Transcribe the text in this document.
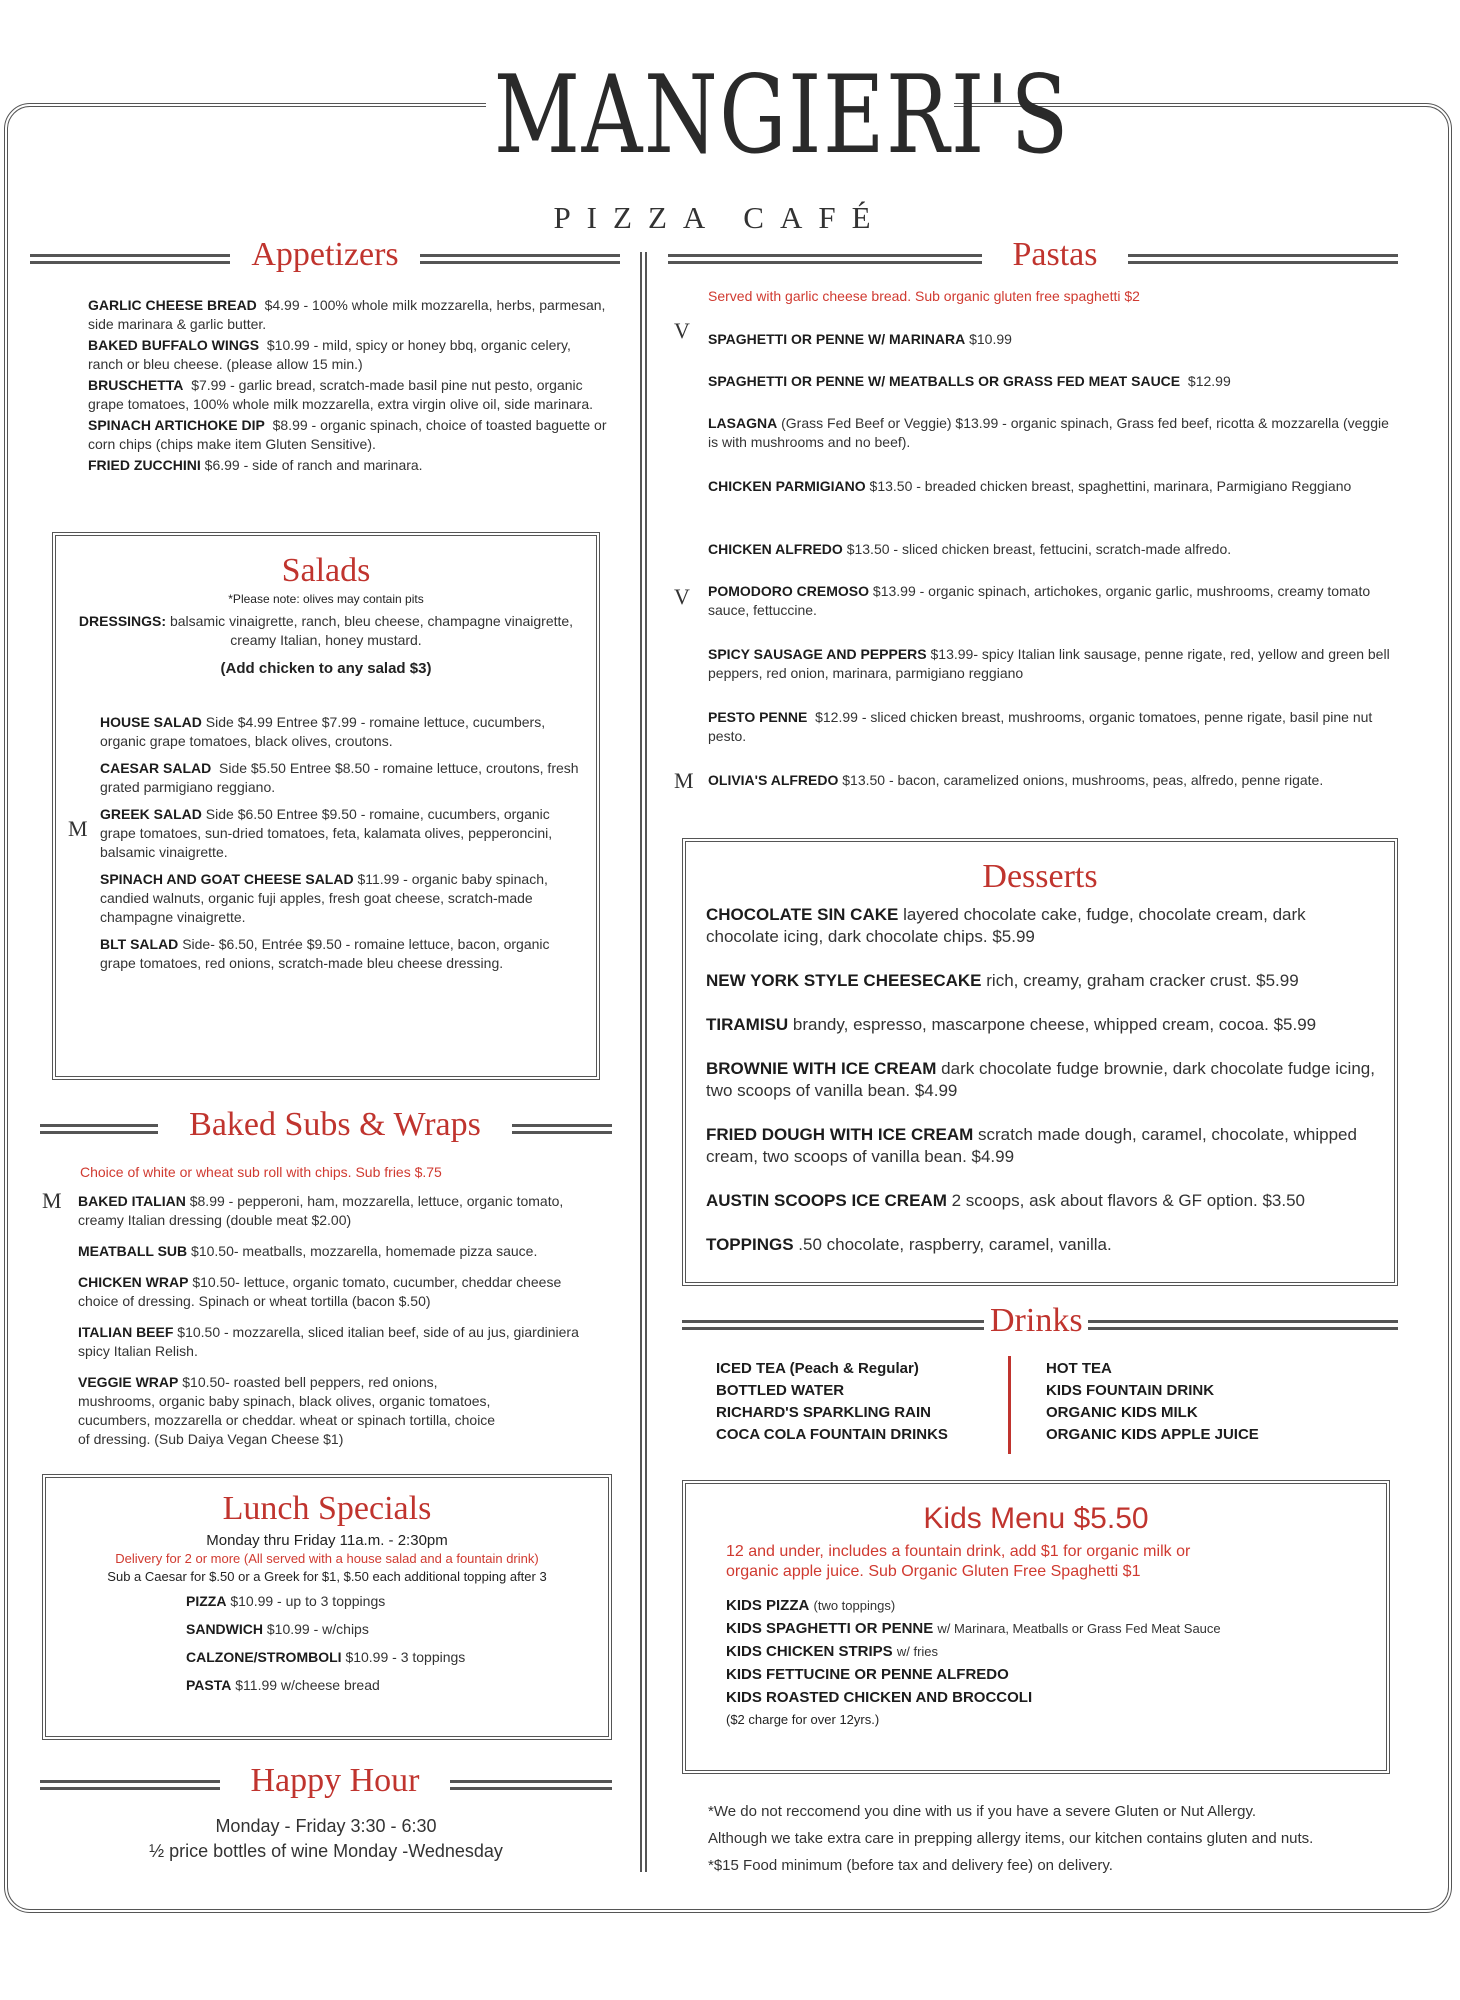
MANGIERI'S
PIZZA CAFÉ
Appetizers
GARLIC CHEESE BREAD $4.99 - 100% whole milk mozzarella, herbs, parmesan, side marinara & garlic butter.
BAKED BUFFALO WINGS $10.99 - mild, spicy or honey bbq, organic celery, ranch or bleu cheese. (please allow 15 min.)
BRUSCHETTA $7.99 - garlic bread, scratch-made basil pine nut pesto, organic grape tomatoes, 100% whole milk mozzarella, extra virgin olive oil, side marinara.
SPINACH ARTICHOKE DIP $8.99 - organic spinach, choice of toasted baguette or corn chips (chips make item Gluten Sensitive).
FRIED ZUCCHINI $6.99 - side of ranch and marinara.
Salads
*Please note: olives may contain pits
DRESSINGS: balsamic vinaigrette, ranch, bleu cheese, champagne vinaigrette, creamy Italian, honey mustard.
(Add chicken to any salad $3)
HOUSE SALAD Side $4.99 Entree $7.99 - romaine lettuce, cucumbers, organic grape tomatoes, black olives, croutons.
CAESAR SALAD Side $5.50 Entree $8.50 - romaine lettuce, croutons, fresh grated parmigiano reggiano.
GREEK SALAD Side $6.50 Entree $9.50 - romaine, cucumbers, organic grape tomatoes, sun-dried tomatoes, feta, kalamata olives, pepperoncini, balsamic vinaigrette.
SPINACH AND GOAT CHEESE SALAD $11.99 - organic baby spinach, candied walnuts, organic fuji apples, fresh goat cheese, scratch-made champagne vinaigrette.
BLT SALAD Side- $6.50, Entrée $9.50 - romaine lettuce, bacon, organic grape tomatoes, red onions, scratch-made bleu cheese dressing.
M
Baked Subs & Wraps
Choice of white or wheat sub roll with chips. Sub fries $.75
M BAKED ITALIAN $8.99 - pepperoni, ham, mozzarella, lettuce, organic tomato, creamy Italian dressing (double meat $2.00)
MEATBALL SUB $10.50- meatballs, mozzarella, homemade pizza sauce.
CHICKEN WRAP $10.50- lettuce, organic tomato, cucumber, cheddar cheese choice of dressing. Spinach or wheat tortilla (bacon $.50)
ITALIAN BEEF $10.50 - mozzarella, sliced italian beef, side of au jus, giardiniera spicy Italian Relish.
VEGGIE WRAP $10.50- roasted bell peppers, red onions, mushrooms, organic baby spinach, black olives, organic tomatoes, cucumbers, mozzarella or cheddar. wheat or spinach tortilla, choice of dressing. (Sub Daiya Vegan Cheese $1)
Lunch Specials
Monday thru Friday 11a.m. - 2:30pm
Delivery for 2 or more (All served with a house salad and a fountain drink)
Sub a Caesar for $.50 or a Greek for $1, $.50 each additional topping after 3
PIZZA $10.99 - up to 3 toppings
SANDWICH $10.99 - w/chips
CALZONE/STROMBOLI $10.99 - 3 toppings
PASTA $11.99 w/cheese bread
Happy Hour
Monday - Friday 3:30 - 6:30
½ price bottles of wine Monday -Wednesday
Pastas
Served with garlic cheese bread. Sub organic gluten free spaghetti $2
V
V
M
SPAGHETTI OR PENNE W/ MARINARA $10.99
SPAGHETTI OR PENNE W/ MEATBALLS OR GRASS FED MEAT SAUCE $12.99
LASAGNA (Grass Fed Beef or Veggie) $13.99 - organic spinach, Grass fed beef, ricotta & mozzarella (veggie is with mushrooms and no beef).
CHICKEN PARMIGIANO $13.50 - breaded chicken breast, spaghettini, marinara, Parmigiano Reggiano
CHICKEN ALFREDO $13.50 - sliced chicken breast, fettucini, scratch-made alfredo.
POMODORO CREMOSO $13.99 - organic spinach, artichokes, organic garlic, mushrooms, creamy tomato sauce, fettuccine.
SPICY SAUSAGE AND PEPPERS $13.99- spicy Italian link sausage, penne rigate, red, yellow and green bell peppers, red onion, marinara, parmigiano reggiano
PESTO PENNE $12.99 - sliced chicken breast, mushrooms, organic tomatoes, penne rigate, basil pine nut pesto.
OLIVIA'S ALFREDO $13.50 - bacon, caramelized onions, mushrooms, peas, alfredo, penne rigate.
Desserts
CHOCOLATE SIN CAKE layered chocolate cake, fudge, chocolate cream, dark chocolate icing, dark chocolate chips. $5.99
NEW YORK STYLE CHEESECAKE rich, creamy, graham cracker crust. $5.99
TIRAMISU brandy, espresso, mascarpone cheese, whipped cream, cocoa. $5.99
BROWNIE WITH ICE CREAM dark chocolate fudge brownie, dark chocolate fudge icing, two scoops of vanilla bean. $4.99
FRIED DOUGH WITH ICE CREAM scratch made dough, caramel, chocolate, whipped cream, two scoops of vanilla bean. $4.99
AUSTIN SCOOPS ICE CREAM 2 scoops, ask about flavors & GF option. $3.50
TOPPINGS .50 chocolate, raspberry, caramel, vanilla.
Drinks
ICED TEA (Peach & Regular)
BOTTLED WATER
RICHARD'S SPARKLING RAIN
COCA COLA FOUNTAIN DRINKS
HOT TEA
KIDS FOUNTAIN DRINK
ORGANIC KIDS MILK
ORGANIC KIDS APPLE JUICE
Kids Menu $5.50
12 and under, includes a fountain drink, add $1 for organic milk or organic apple juice. Sub Organic Gluten Free Spaghetti $1
KIDS PIZZA (two toppings)
KIDS SPAGHETTI OR PENNE w/ Marinara, Meatballs or Grass Fed Meat Sauce
KIDS CHICKEN STRIPS w/ fries
KIDS FETTUCINE OR PENNE ALFREDO
KIDS ROASTED CHICKEN AND BROCCOLI
($2 charge for over 12yrs.)
*We do not reccomend you dine with us if you have a severe Gluten or Nut Allergy.
Although we take extra care in prepping allergy items, our kitchen contains gluten and nuts.
*$15 Food minimum (before tax and delivery fee) on delivery.
